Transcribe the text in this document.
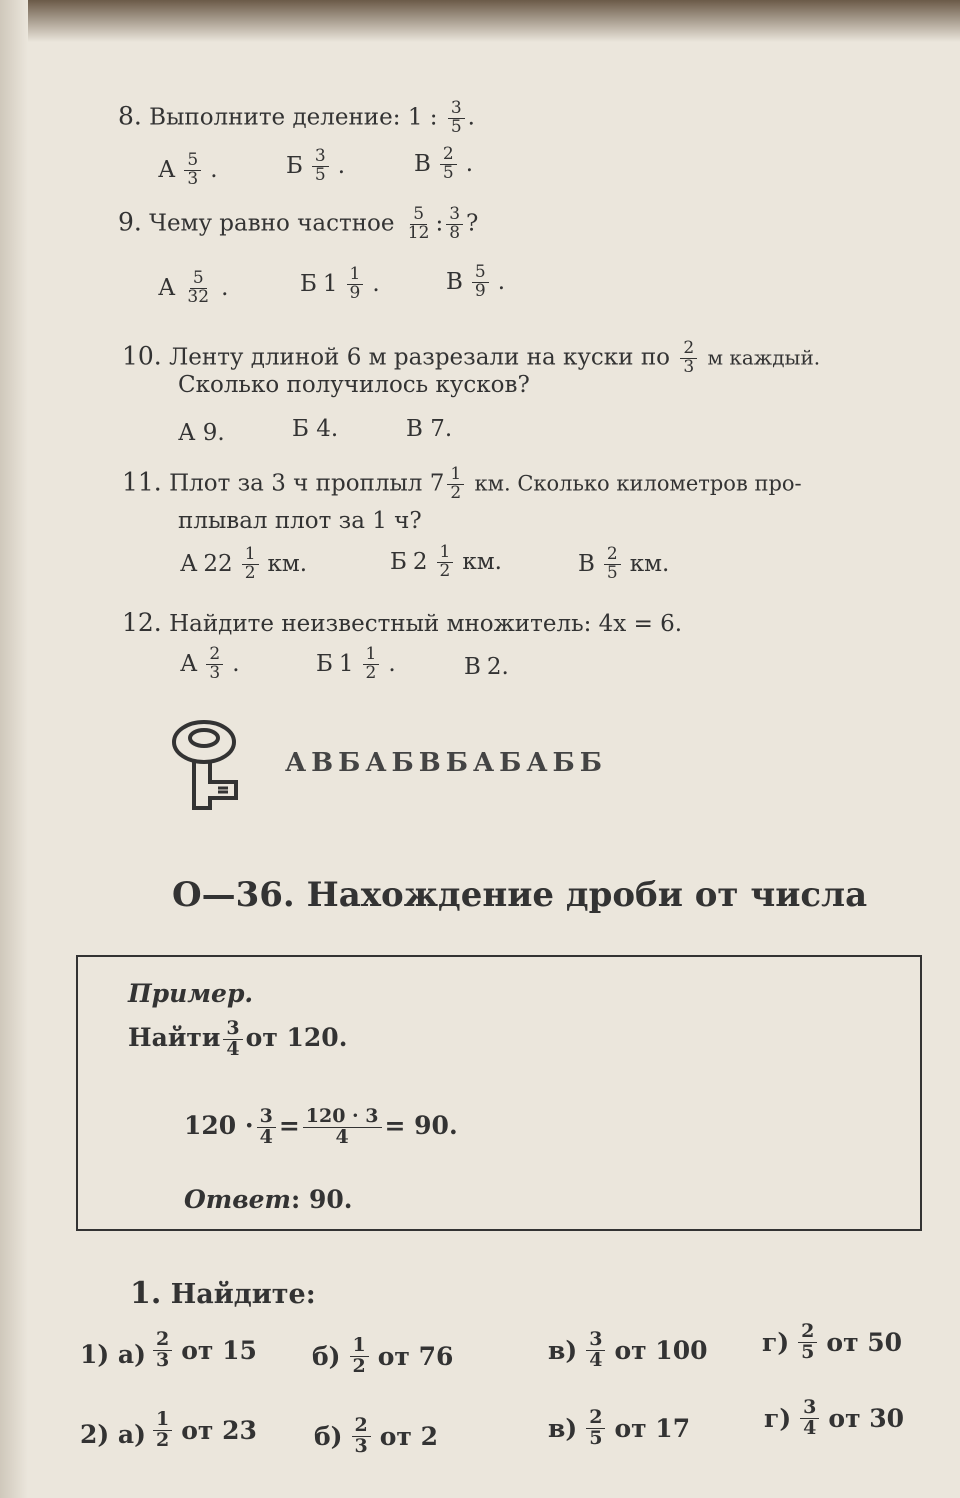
8. Выполните деление: 1 : $\frac{3}{5}$ .
А $\frac{5}{3}$ .	Б $\frac{3}{5}$ .	В $\frac{2}{5}$ .
9. Чему равно частное $\frac{5}{12}$ : $\frac{3}{8}$ ?
А $\frac{5}{32}$ .	Б $1 \frac{1}{9}$ .	В $\frac{5}{9}$ .
10. Ленту длиной 6 м разрезали на куски по $\frac{2}{3}$ м каждый.
Сколько получилось кусков?
А 9.	Б 4.	В 7.
11. Плот за 3 ч проплыл $7 \frac{1}{2}$ км. Сколько километров про-
плывал плот за 1 ч?
А $22 \frac{1}{2}$ км.	Б $2 \frac{1}{2}$ км.	В $\frac{2}{5}$ км.
12. Найдите неизвестный множитель: 4x = 6.
А $\frac{2}{3}$ .	Б $1 \frac{1}{2}$ .	В 2.
АВБАБВБАБАББ
О—36. Нахождение дроби от числа
Пример.
Найти $\frac{3}{4}$ от 120.
$120 \cdot \frac{3}{4} = \frac{120 \cdot 3}{4} = 90$.
Ответ: 90.
1. Найдите:
1) $а) \frac{2}{3}$ от 15 $б) \frac{1}{2}$ от 76	$в) \frac{3}{4}$ от 100 $г) \frac{2}{5}$ от 50
2) $а) \frac{1}{2}$ от 23 $б) \frac{2}{3}$ от 2	$в) \frac{2}{5}$ от 17	$г) \frac{3}{4}$ от 30
